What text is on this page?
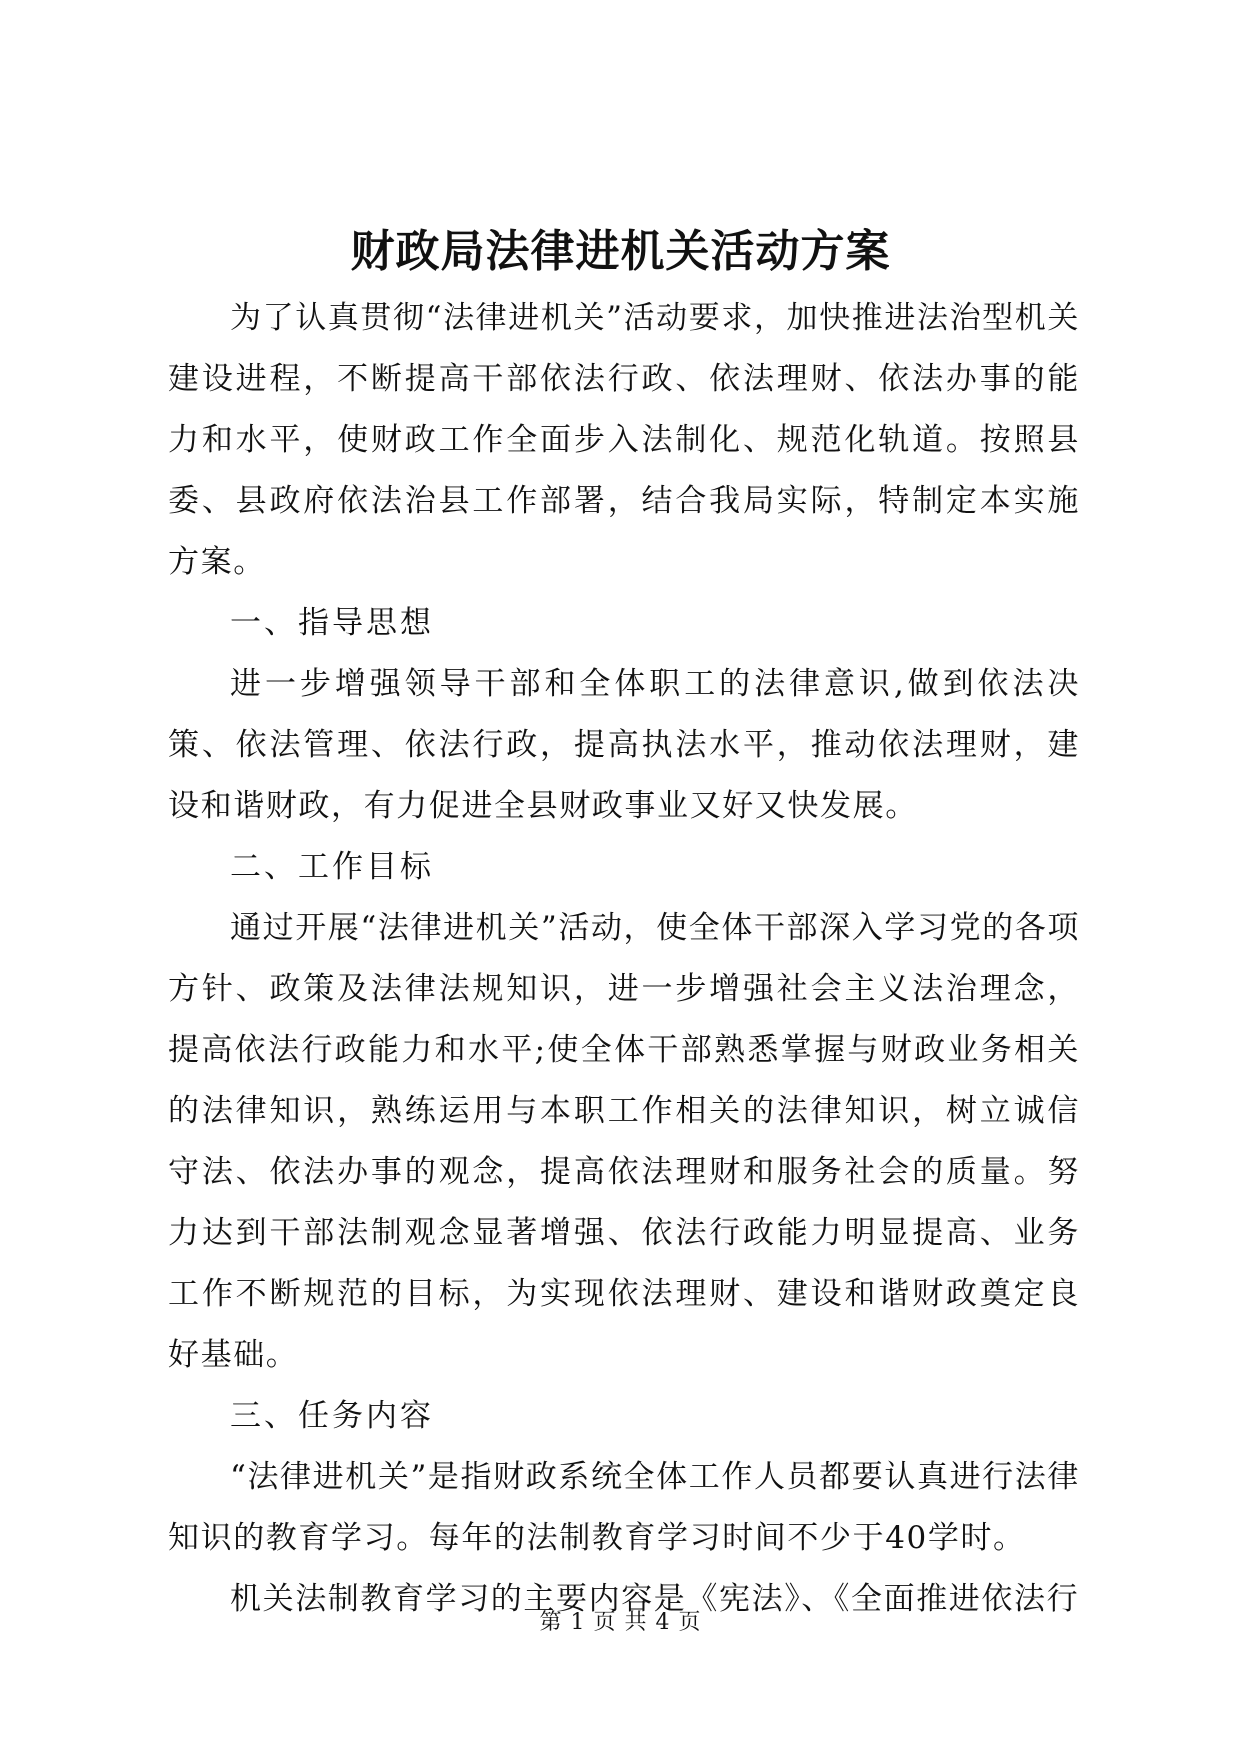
财政局法律进机关活动方案

为了认真贯彻“法律进机关”活动要求，加快推进法治型机关建设进程，不断提高干部依法行政、依法理财、依法办事的能力和水平，使财政工作全面步入法制化、规范化轨道。按照县委、县政府依法治县工作部署，结合我局实际，特制定本实施方案。

一、指导思想

进一步增强领导干部和全体职工的法律意识,做到依法决策、依法管理、依法行政，提高执法水平，推动依法理财，建设和谐财政，有力促进全县财政事业又好又快发展。

二、工作目标

通过开展“法律进机关”活动，使全体干部深入学习党的各项方针、政策及法律法规知识，进一步增强社会主义法治理念，提高依法行政能力和水平;使全体干部熟悉掌握与财政业务相关的法律知识，熟练运用与本职工作相关的法律知识，树立诚信守法、依法办事的观念，提高依法理财和服务社会的质量。努力达到干部法制观念显著增强、依法行政能力明显提高、业务工作不断规范的目标，为实现依法理财、建设和谐财政奠定良好基础。

三、任务内容

“法律进机关”是指财政系统全体工作人员都要认真进行法律知识的教育学习。每年的法制教育学习时间不少于40学时。

机关法制教育学习的主要内容是《宪法》、《全面推进依法行

第 1 页 共 4 页
